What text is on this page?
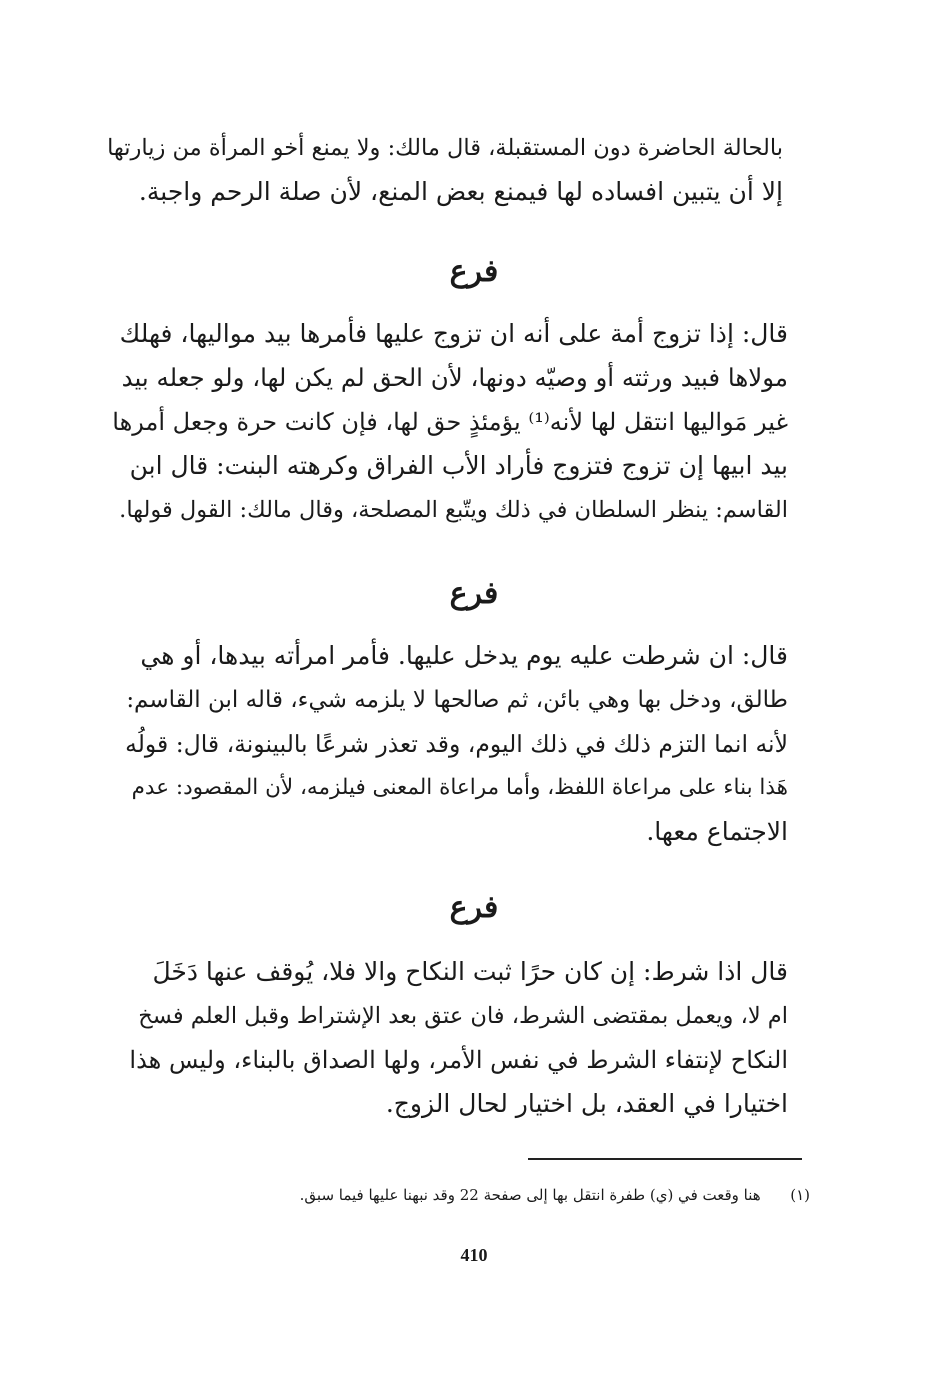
بالحالة الحاضرة دون المستقبلة، قال مالك: ولا يمنع أخو المرأة من زيارتها
إلا أن يتبين افساده لها فيمنع بعض المنع، لأن صلة الرحم واجبة.
فرع
قال: إذا تزوج أمة على أنه ان تزوج عليها فأمرها بيد مواليها، فهلك
مولاها فبيد ورثته أو وصيّه دونها، لأن الحق لم يكن لها، ولو جعله بيد
غير مَواليها انتقل لها لأنه⁽¹⁾ يؤمئذٍ حق لها، فإن كانت حرة وجعل أمرها
بيد ابيها إن تزوج فتزوج فأراد الأب الفراق وكرهته البنت: قال ابن
القاسم: ينظر السلطان في ذلك ويتّبع المصلحة، وقال مالك: القول قولها.
فرع
قال: ان شرطت عليه يوم يدخل عليها. فأمر امرأته بيدها، أو هي
طالق، ودخل بها وهي بائن، ثم صالحها لا يلزمه شيء، قاله ابن القاسم:
لأنه انما التزم ذلك في ذلك اليوم، وقد تعذر شرعًا بالبينونة، قال: قولُه
هَذا بناء على مراعاة اللفظ، وأما مراعاة المعنى فيلزمه، لأن المقصود: عدم
الاجتماع معها.
فرع
قال اذا شرط: إن كان حرًا ثبت النكاح والا فلا، يُوقف عنها دَخَلَ
ام لا، ويعمل بمقتضى الشرط، فان عتق بعد الإشتراط وقبل العلم فسخ
النكاح لإنتفاء الشرط في نفس الأمر، ولها الصداق بالبناء، وليس هذا
اختيارا في العقد، بل اختيار لحال الزوج.
(١)  هنا وقعت في (ي) طفرة انتقل بها إلى صفحة 22 وقد نبهنا عليها فيما سبق.
410
